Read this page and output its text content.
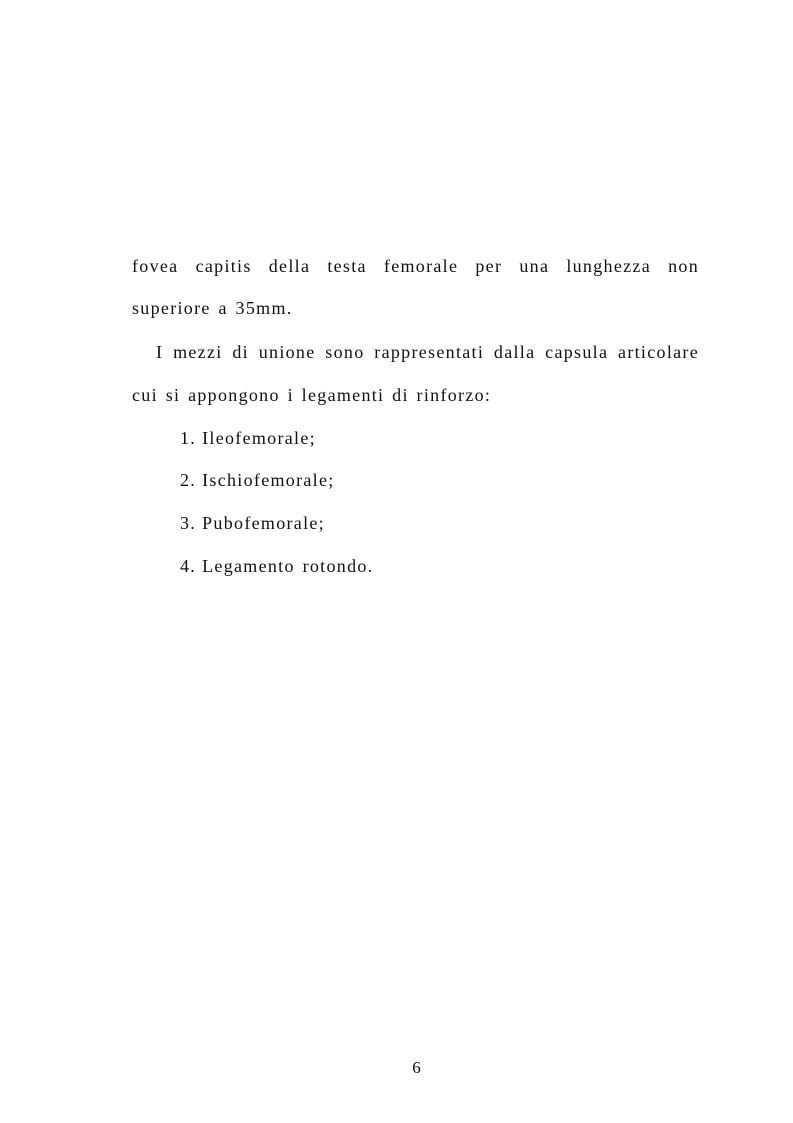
fovea capitis della testa femorale per una lunghezza non
superiore a 35mm.
I mezzi di unione sono rappresentati dalla capsula articolare
cui si appongono i legamenti di rinforzo:
1. Ileofemorale;
2. Ischiofemorale;
3. Pubofemorale;
4. Legamento rotondo.
6
